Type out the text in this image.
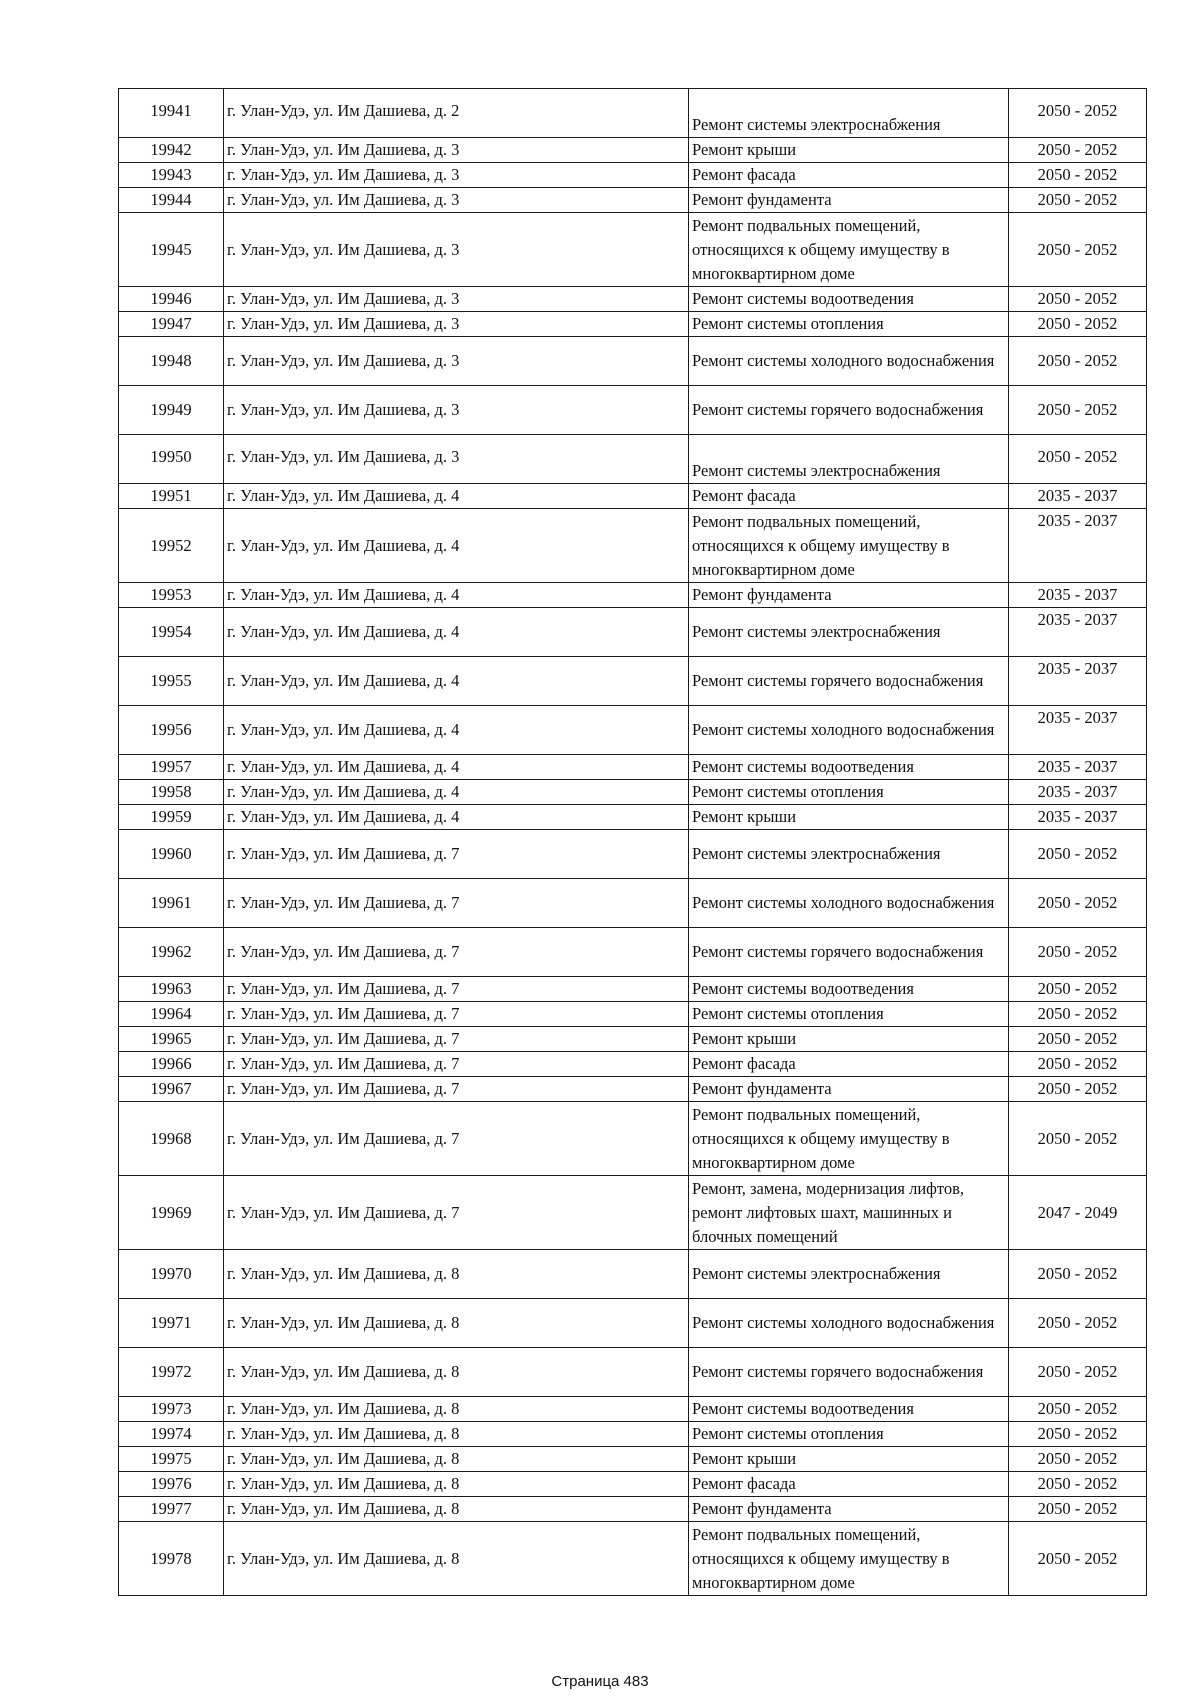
19941	г. Улан-Удэ, ул. Им Дашиева, д. 2	Ремонт системы электроснабжения	2050 - 2052
19942	г. Улан-Удэ, ул. Им Дашиева, д. 3	Ремонт крыши	2050 - 2052
19943	г. Улан-Удэ, ул. Им Дашиева, д. 3	Ремонт фасада	2050 - 2052
19944	г. Улан-Удэ, ул. Им Дашиева, д. 3	Ремонт фундамента	2050 - 2052
19945	г. Улан-Удэ, ул. Им Дашиева, д. 3	Ремонт подвальных помещений, относящихся к общему имуществу в многоквартирном доме	2050 - 2052
19946	г. Улан-Удэ, ул. Им Дашиева, д. 3	Ремонт системы водоотведения	2050 - 2052
19947	г. Улан-Удэ, ул. Им Дашиева, д. 3	Ремонт системы отопления	2050 - 2052
19948	г. Улан-Удэ, ул. Им Дашиева, д. 3	Ремонт системы холодного водоснабжения	2050 - 2052
19949	г. Улан-Удэ, ул. Им Дашиева, д. 3	Ремонт системы горячего водоснабжения	2050 - 2052
19950	г. Улан-Удэ, ул. Им Дашиева, д. 3	Ремонт системы электроснабжения	2050 - 2052
19951	г. Улан-Удэ, ул. Им Дашиева, д. 4	Ремонт фасада	2035 - 2037
19952	г. Улан-Удэ, ул. Им Дашиева, д. 4	Ремонт подвальных помещений, относящихся к общему имуществу в многоквартирном доме	2035 - 2037
19953	г. Улан-Удэ, ул. Им Дашиева, д. 4	Ремонт фундамента	2035 - 2037
19954	г. Улан-Удэ, ул. Им Дашиева, д. 4	Ремонт системы электроснабжения	2035 - 2037
19955	г. Улан-Удэ, ул. Им Дашиева, д. 4	Ремонт системы горячего водоснабжения	2035 - 2037
19956	г. Улан-Удэ, ул. Им Дашиева, д. 4	Ремонт системы холодного водоснабжения	2035 - 2037
19957	г. Улан-Удэ, ул. Им Дашиева, д. 4	Ремонт системы водоотведения	2035 - 2037
19958	г. Улан-Удэ, ул. Им Дашиева, д. 4	Ремонт системы отопления	2035 - 2037
19959	г. Улан-Удэ, ул. Им Дашиева, д. 4	Ремонт крыши	2035 - 2037
19960	г. Улан-Удэ, ул. Им Дашиева, д. 7	Ремонт системы электроснабжения	2050 - 2052
19961	г. Улан-Удэ, ул. Им Дашиева, д. 7	Ремонт системы холодного водоснабжения	2050 - 2052
19962	г. Улан-Удэ, ул. Им Дашиева, д. 7	Ремонт системы горячего водоснабжения	2050 - 2052
19963	г. Улан-Удэ, ул. Им Дашиева, д. 7	Ремонт системы водоотведения	2050 - 2052
19964	г. Улан-Удэ, ул. Им Дашиева, д. 7	Ремонт системы отопления	2050 - 2052
19965	г. Улан-Удэ, ул. Им Дашиева, д. 7	Ремонт крыши	2050 - 2052
19966	г. Улан-Удэ, ул. Им Дашиева, д. 7	Ремонт фасада	2050 - 2052
19967	г. Улан-Удэ, ул. Им Дашиева, д. 7	Ремонт фундамента	2050 - 2052
19968	г. Улан-Удэ, ул. Им Дашиева, д. 7	Ремонт подвальных помещений, относящихся к общему имуществу в многоквартирном доме	2050 - 2052
19969	г. Улан-Удэ, ул. Им Дашиева, д. 7	Ремонт, замена, модернизация лифтов, ремонт лифтовых шахт, машинных и блочных помещений	2047 - 2049
19970	г. Улан-Удэ, ул. Им Дашиева, д. 8	Ремонт системы электроснабжения	2050 - 2052
19971	г. Улан-Удэ, ул. Им Дашиева, д. 8	Ремонт системы холодного водоснабжения	2050 - 2052
19972	г. Улан-Удэ, ул. Им Дашиева, д. 8	Ремонт системы горячего водоснабжения	2050 - 2052
19973	г. Улан-Удэ, ул. Им Дашиева, д. 8	Ремонт системы водоотведения	2050 - 2052
19974	г. Улан-Удэ, ул. Им Дашиева, д. 8	Ремонт системы отопления	2050 - 2052
19975	г. Улан-Удэ, ул. Им Дашиева, д. 8	Ремонт крыши	2050 - 2052
19976	г. Улан-Удэ, ул. Им Дашиева, д. 8	Ремонт фасада	2050 - 2052
19977	г. Улан-Удэ, ул. Им Дашиева, д. 8	Ремонт фундамента	2050 - 2052
19978	г. Улан-Удэ, ул. Им Дашиева, д. 8	Ремонт подвальных помещений, относящихся к общему имуществу в многоквартирном доме	2050 - 2052
Страница 483
